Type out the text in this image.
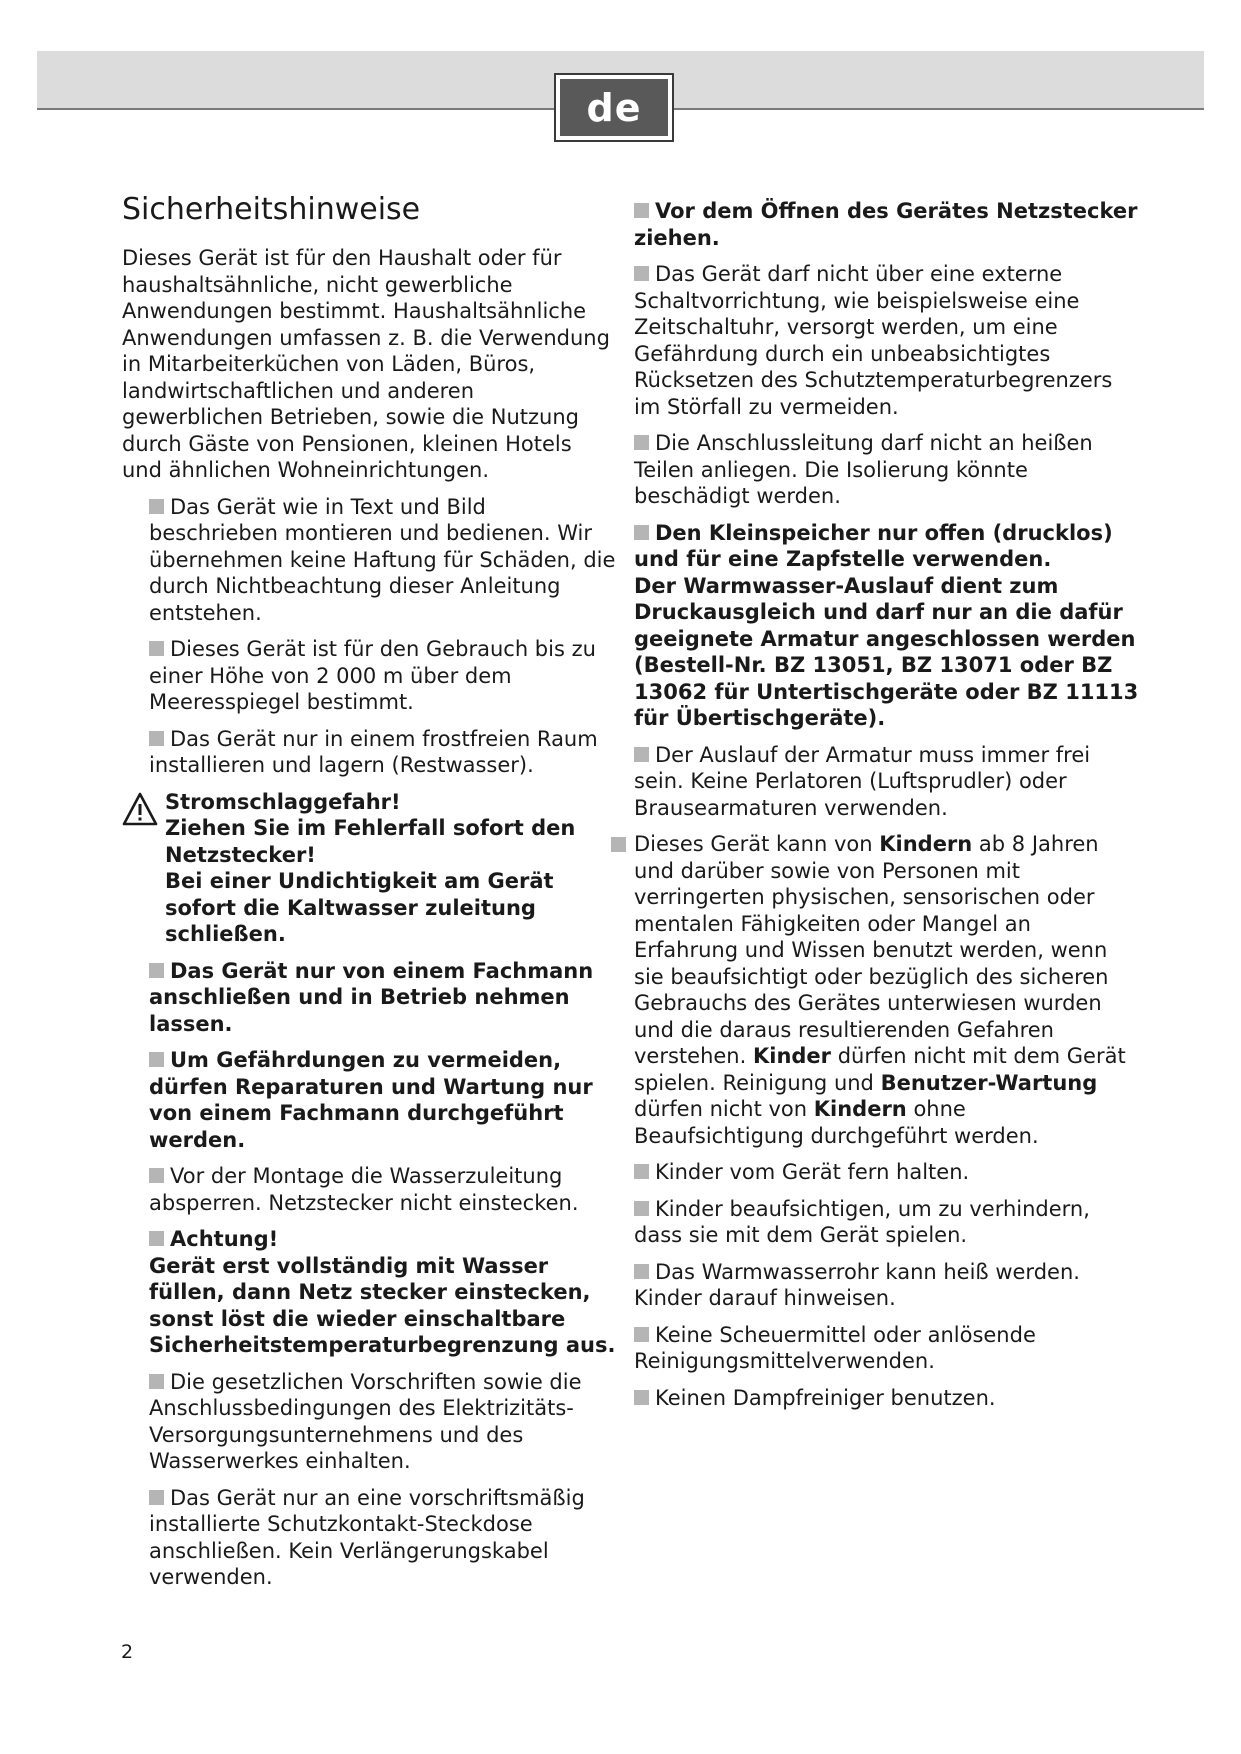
de
Sicherheitshinweise

Dieses Gerät ist für den Haushalt oder für haushaltsähnliche, nicht gewerbliche Anwendungen bestimmt. Haushaltsähnliche Anwendungen umfassen z. B. die Verwendung in Mitarbeiterküchen von Läden, Büros, landwirtschaftlichen und anderen gewerblichen Betrieben, sowie die Nutzung durch Gäste von Pensionen, kleinen Hotels und ähnlichen Wohneinrichtungen.

Das Gerät wie in Text und Bild beschrieben montieren und bedienen. Wir übernehmen keine Haftung für Schäden, die durch Nichtbeachtung dieser Anleitung entstehen.
Dieses Gerät ist für den Gebrauch bis zu einer Höhe von 2 000 m über dem Meeresspiegel bestimmt.
Das Gerät nur in einem frostfreien Raum installieren und lagern (Restwasser).

Stromschlaggefahr!

Ziehen Sie im Fehlerfall sofort den Netzstecker!

Bei einer Undichtigkeit am Gerät sofort die Kaltwasser zuleitung schließen.

Das Gerät nur von einem Fachmann anschließen und in Betrieb nehmen lassen.
Um Gefährdungen zu vermeiden, dürfen Reparaturen und Wartung nur von einem Fachmann durchgeführt werden.
Vor der Montage die Wasserzuleitung absperren. Netzstecker nicht einstecken.

Achtung!

Gerät erst vollständig mit Wasser füllen, dann Netz stecker einstecken, sonst löst die wieder einschaltbare Sicherheitstemperaturbegrenzung aus.

Die gesetzlichen Vorschriften sowie die Anschlussbedingungen des Elektrizitäts-Versorgungsunternehmens und des Wasserwerkes einhalten.
Das Gerät nur an eine vorschriftsmäßig installierte Schutzkontakt-Steckdose anschließen. Kein Verlängerungskabel verwenden.
Vor dem Öffnen des Gerätes Netzstecker ziehen.
Das Gerät darf nicht über eine externe Schaltvorrichtung, wie beispielsweise eine Zeitschaltuhr, versorgt werden, um eine Gefährdung durch ein unbeabsichtigtes Rücksetzen des Schutztemperaturbegrenzers im Störfall zu vermeiden.
Die Anschlussleitung darf nicht an heißen Teilen anliegen. Die Isolierung könnte beschädigt werden.

Den Kleinspeicher nur offen (drucklos) und für eine Zapfstelle verwenden.

Der Warmwasser-Auslauf dient zum Druckausgleich und darf nur an die dafür geeignete Armatur angeschlossen werden (Bestell-Nr. BZ 13051, BZ 13071 oder BZ 13062 für Untertischgeräte oder BZ 11113 für Übertischgeräte).

Der Auslauf der Armatur muss immer frei sein. Keine Perlatoren (Luftsprudler) oder Brausearmaturen verwenden.
Dieses Gerät kann von Kindern ab 8 Jahren und darüber sowie von Personen mit verringerten physischen, sensorischen oder mentalen Fähigkeiten oder Mangel an Erfahrung und Wissen benutzt werden, wenn sie beaufsichtigt oder bezüglich des sicheren Gebrauchs des Gerätes unterwiesen wurden und die daraus resultierenden Gefahren verstehen. Kinder dürfen nicht mit dem Gerät spielen. Reinigung und Benutzer-Wartung dürfen nicht von Kindern ohne Beaufsichtigung durchgeführt werden.
Kinder vom Gerät fern halten.
Kinder beaufsichtigen, um zu verhindern, dass sie mit dem Gerät spielen.
Das Warmwasserrohr kann heiß werden. Kinder darauf hinweisen.
Keine Scheuermittel oder anlösende Reinigungsmittelverwenden.
Keinen Dampfreiniger benutzen.
2
